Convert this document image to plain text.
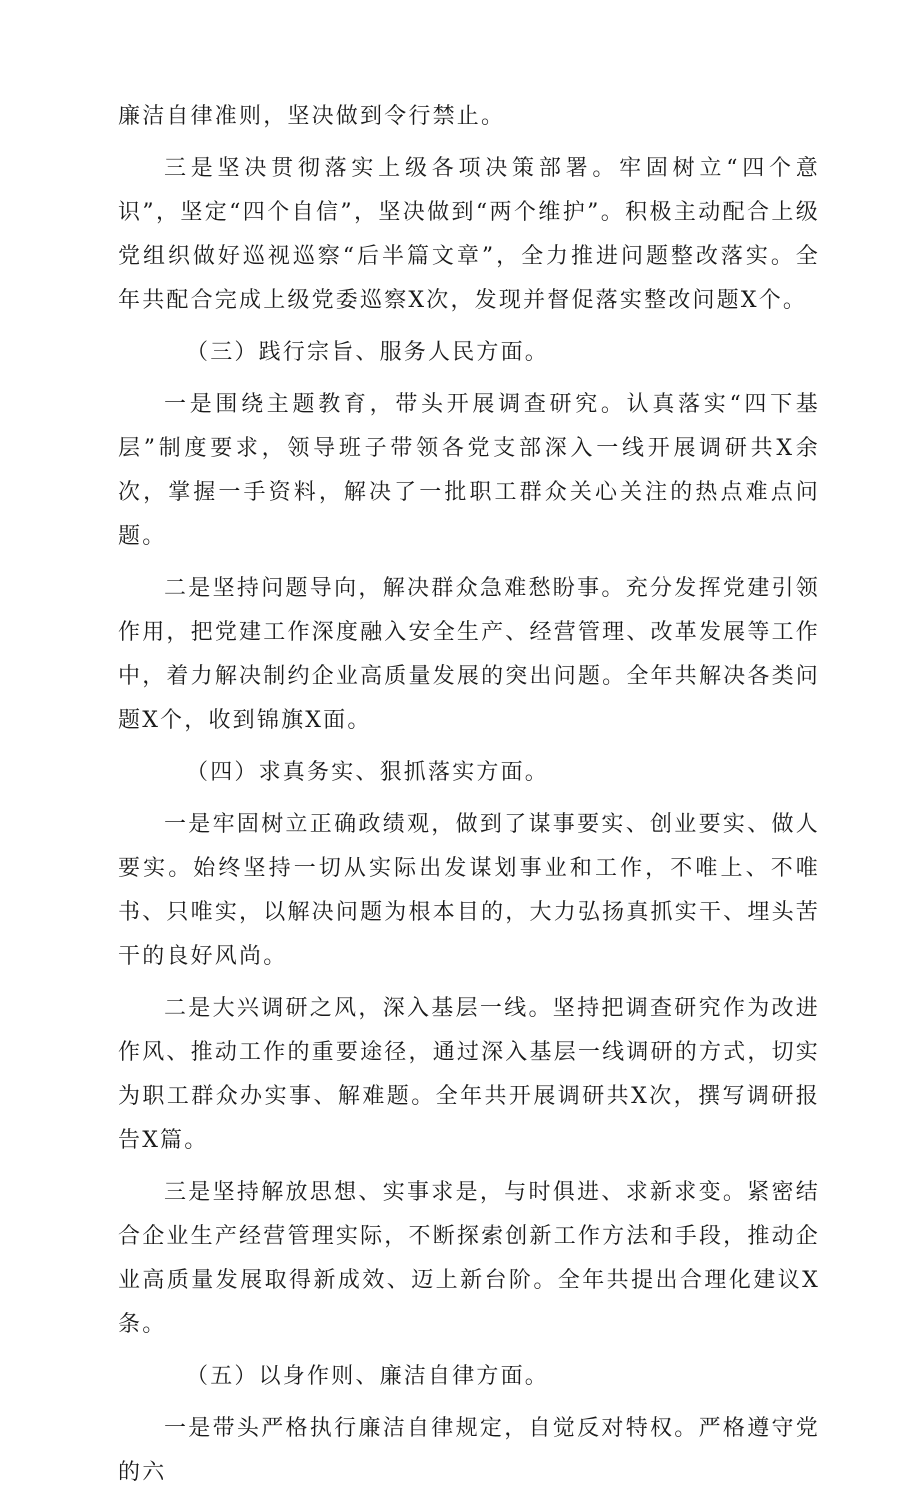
廉洁自律准则，坚决做到令行禁止。

三是坚决贯彻落实上级各项决策部署。牢固树立“四个意识”，坚定“四个自信”，坚决做到“两个维护”。积极主动配合上级党组织做好巡视巡察“后半篇文章”，全力推进问题整改落实。全年共配合完成上级党委巡察X次，发现并督促落实整改问题X个。

（三）践行宗旨、服务人民方面。

一是围绕主题教育，带头开展调查研究。认真落实“四下基层”制度要求，领导班子带领各党支部深入一线开展调研共X余次，掌握一手资料，解决了一批职工群众关心关注的热点难点问题。

二是坚持问题导向，解决群众急难愁盼事。充分发挥党建引领作用，把党建工作深度融入安全生产、经营管理、改革发展等工作中，着力解决制约企业高质量发展的突出问题。全年共解决各类问题X个，收到锦旗X面。

（四）求真务实、狠抓落实方面。

一是牢固树立正确政绩观，做到了谋事要实、创业要实、做人要实。始终坚持一切从实际出发谋划事业和工作，不唯上、不唯书、只唯实，以解决问题为根本目的，大力弘扬真抓实干、埋头苦干的良好风尚。

二是大兴调研之风，深入基层一线。坚持把调查研究作为改进作风、推动工作的重要途径，通过深入基层一线调研的方式，切实为职工群众办实事、解难题。全年共开展调研共X次，撰写调研报告X篇。

三是坚持解放思想、实事求是，与时俱进、求新求变。紧密结合企业生产经营管理实际，不断探索创新工作方法和手段，推动企业高质量发展取得新成效、迈上新台阶。全年共提出合理化建议X条。

（五）以身作则、廉洁自律方面。

一是带头严格执行廉洁自律规定，自觉反对特权。严格遵守党的六
